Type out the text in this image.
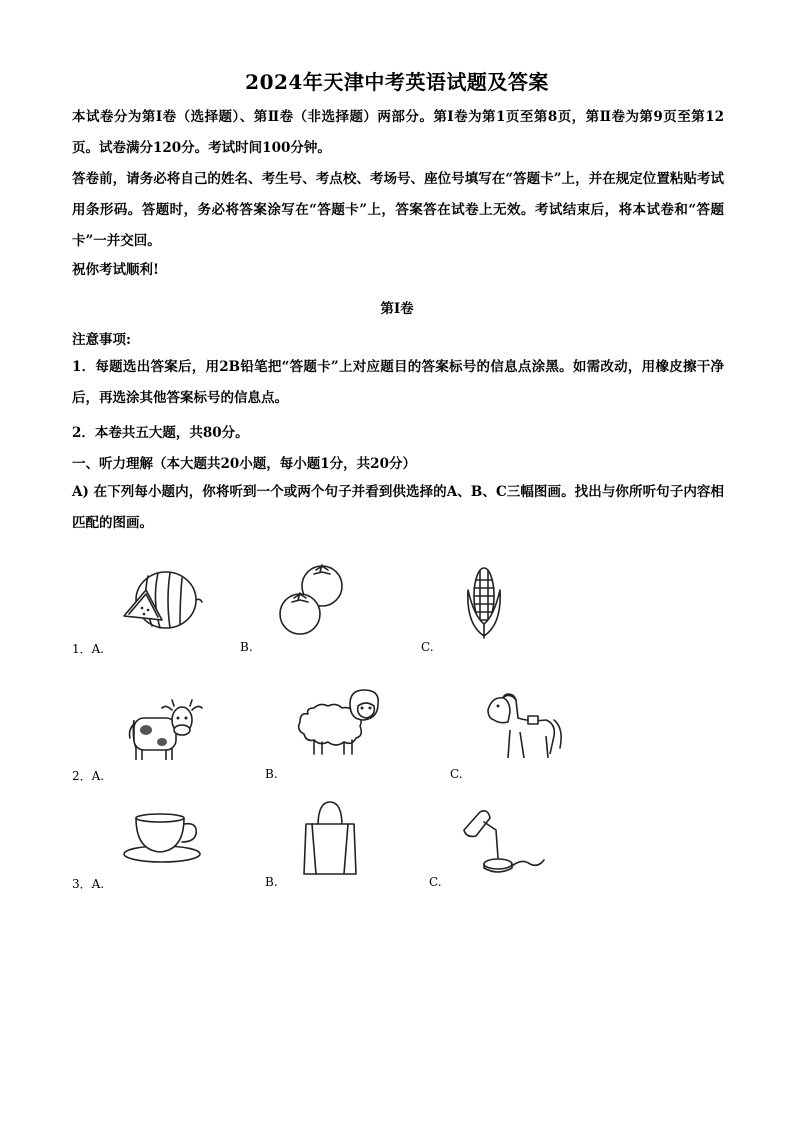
2024年天津中考英语试题及答案
本试卷分为第Ⅰ卷（选择题）、第Ⅱ卷（非选择题）两部分。第Ⅰ卷为第1页至第8页，第Ⅱ卷为第9页至第12页。试卷满分120分。考试时间100分钟。
答卷前，请务必将自己的姓名、考生号、考点校、考场号、座位号填写在“答题卡”上，并在规定位置粘贴考试用条形码。答题时，务必将答案涂写在“答题卡”上，答案答在试卷上无效。考试结束后，将本试卷和“答题卡”一并交回。
祝你考试顺利!
第Ⅰ卷
注意事项:
1．每题选出答案后，用2B铅笔把“答题卡”上对应题目的答案标号的信息点涂黑。如需改动，用橡皮擦干净后，再选涂其他答案标号的信息点。
2．本卷共五大题，共80分。
一、听力理解（本大题共20小题，每小题1分，共20分）
A) 在下列每小题内，你将听到一个或两个句子并看到供选择的A、B、C三幅图画。找出与你所听句子内容相匹配的图画。
1．A.	B.	C.
2．A.	B.	C.
3．A.	B.	C.
